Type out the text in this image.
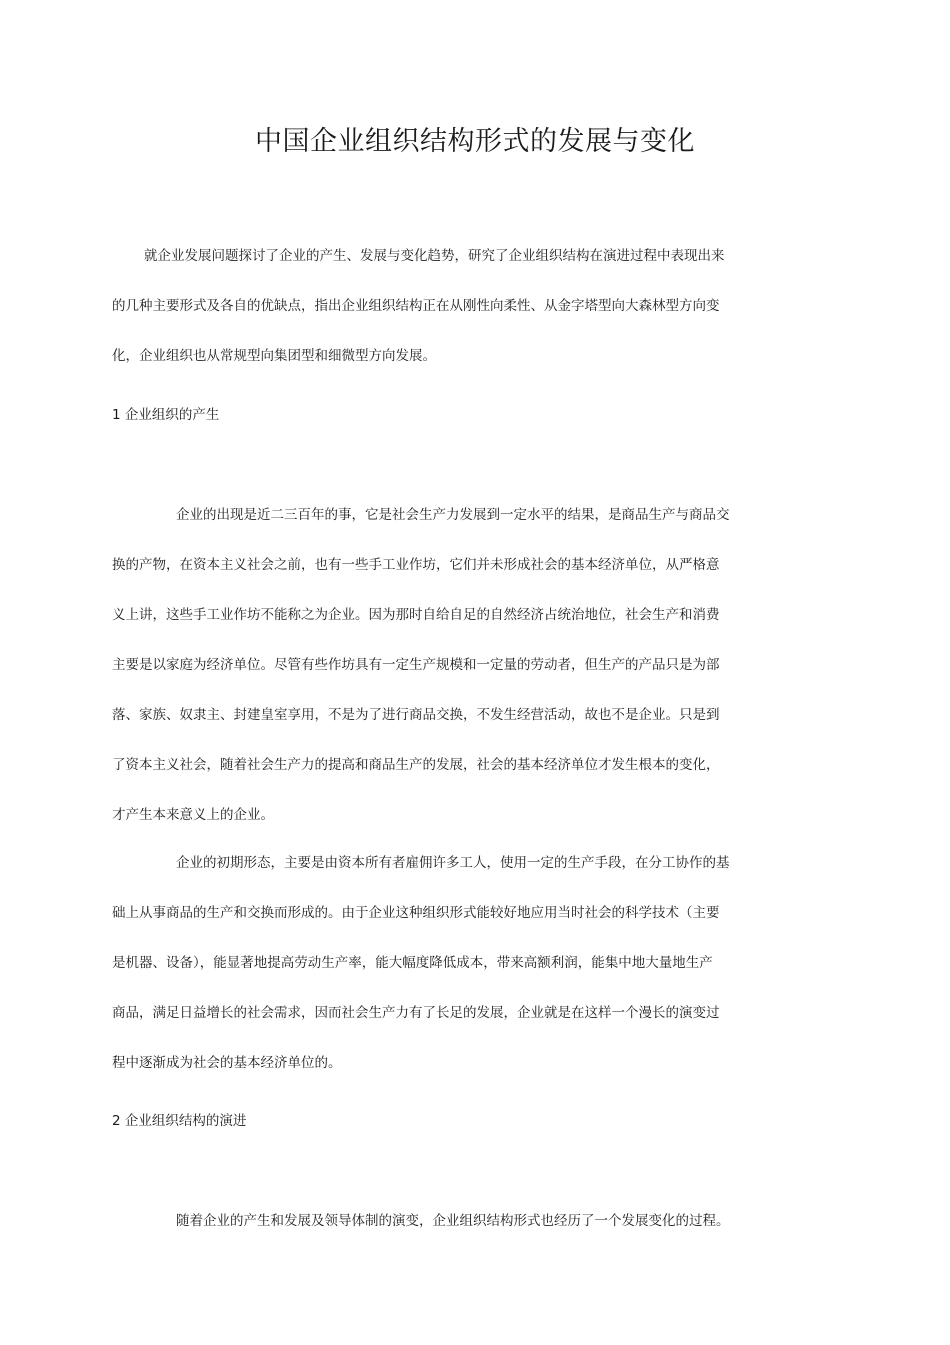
中国企业组织结构形式的发展与变化
就企业发展问题探讨了企业的产生、发展与变化趋势，研究了企业组织结构在演进过程中表现出来
的几种主要形式及各自的优缺点，指出企业组织结构正在从刚性向柔性、从金字塔型向大森林型方向变
化，企业组织也从常规型向集团型和细微型方向发展。
1 企业组织的产生
企业的出现是近二三百年的事，它是社会生产力发展到一定水平的结果，是商品生产与商品交
换的产物，在资本主义社会之前，也有一些手工业作坊，它们并未形成社会的基本经济单位，从严格意
义上讲，这些手工业作坊不能称之为企业。因为那时自给自足的自然经济占统治地位，社会生产和消费
主要是以家庭为经济单位。尽管有些作坊具有一定生产规模和一定量的劳动者，但生产的产品只是为部
落、家族、奴隶主、封建皇室享用，不是为了进行商品交换，不发生经营活动，故也不是企业。只是到
了资本主义社会，随着社会生产力的提高和商品生产的发展，社会的基本经济单位才发生根本的变化，
才产生本来意义上的企业。
企业的初期形态，主要是由资本所有者雇佣许多工人，使用一定的生产手段，在分工协作的基
础上从事商品的生产和交换而形成的。由于企业这种组织形式能较好地应用当时社会的科学技术（主要
是机器、设备），能显著地提高劳动生产率，能大幅度降低成本，带来高额利润，能集中地大量地生产
商品，满足日益增长的社会需求，因而社会生产力有了长足的发展，企业就是在这样一个漫长的演变过
程中逐渐成为社会的基本经济单位的。
2 企业组织结构的演进
随着企业的产生和发展及领导体制的演变，企业组织结构形式也经历了一个发展变化的过程。
